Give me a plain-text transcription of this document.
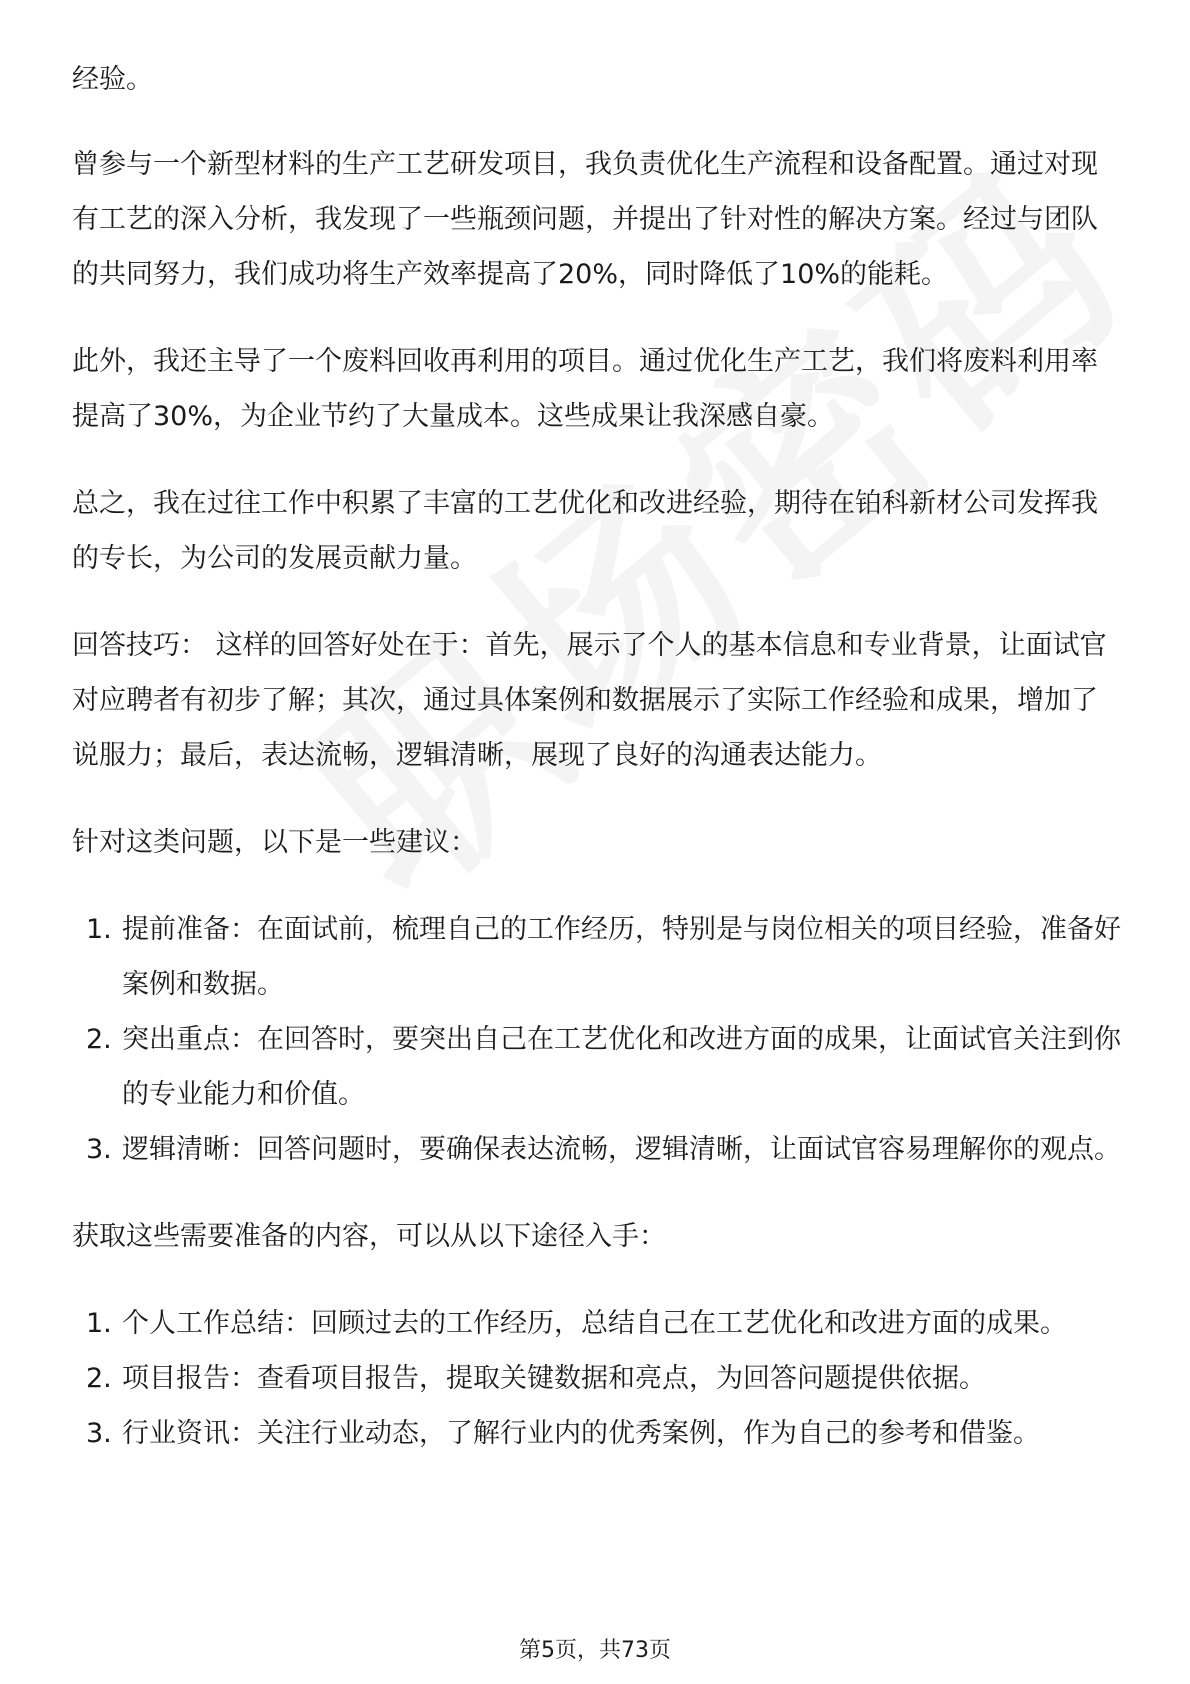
经验。

曾参与一个新型材料的生产工艺研发项目，我负责优化生产流程和设备配置。通过对现有工艺的深入分析，我发现了一些瓶颈问题，并提出了针对性的解决方案。经过与团队的共同努力，我们成功将生产效率提高了20%，同时降低了10%的能耗。

此外，我还主导了一个废料回收再利用的项目。通过优化生产工艺，我们将废料利用率提高了30%，为企业节约了大量成本。这些成果让我深感自豪。

总之，我在过往工作中积累了丰富的工艺优化和改进经验，期待在铂科新材公司发挥我的专长，为公司的发展贡献力量。

回答技巧： 这样的回答好处在于：首先，展示了个人的基本信息和专业背景，让面试官对应聘者有初步了解；其次，通过具体案例和数据展示了实际工作经验和成果，增加了说服力；最后，表达流畅，逻辑清晰，展现了良好的沟通表达能力。

针对这类问题，以下是一些建议：

1. 提前准备：在面试前，梳理自己的工作经历，特别是与岗位相关的项目经验，准备好案例和数据。
2. 突出重点：在回答时，要突出自己在工艺优化和改进方面的成果，让面试官关注到你的专业能力和价值。
3. 逻辑清晰：回答问题时，要确保表达流畅，逻辑清晰，让面试官容易理解你的观点。

获取这些需要准备的内容，可以从以下途径入手：

1. 个人工作总结：回顾过去的工作经历，总结自己在工艺优化和改进方面的成果。
2. 项目报告：查看项目报告，提取关键数据和亮点，为回答问题提供依据。
3. 行业资讯：关注行业动态，了解行业内的优秀案例，作为自己的参考和借鉴。
第5页，共73页
